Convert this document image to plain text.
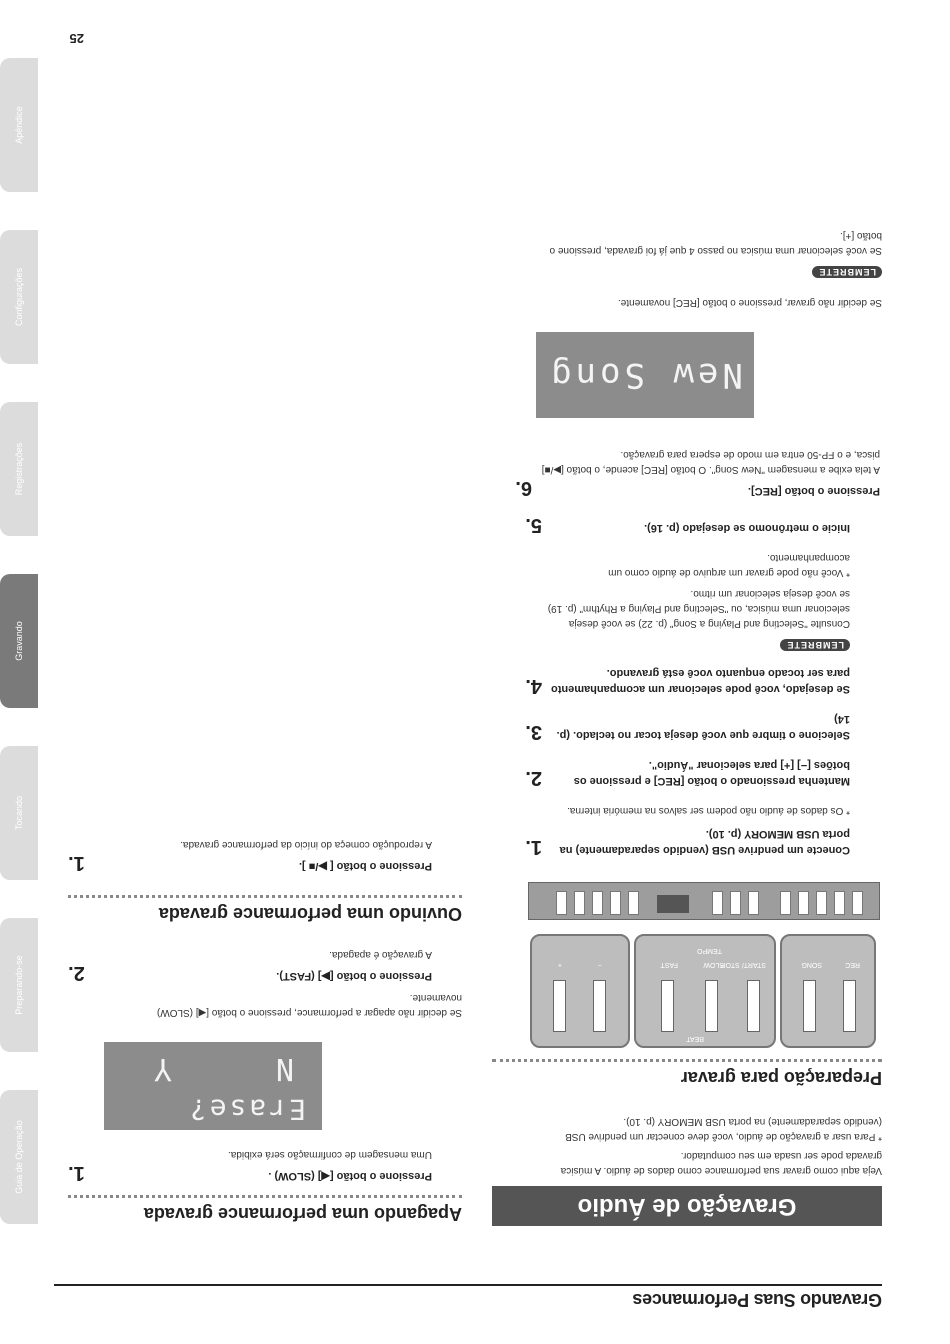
Gravando Suas Performances
25
Guia de Operação
Preparando-se
Tocando
Gravando
Registrações
Configurações
Apêndice
Gravação de Áudio
Veja aqui como gravar sua performance como dados de áudio. A música gravada pode ser usada em seu computador.
* Para usar a gravação de áudio, você deve conectar um pendrive USB (vendido separadamente) na porta USB MEMORY (p. 10).
Preparação para gravar
REC
SONG
START/ STOP
SLOW
FAST
TEMPO
BEAT
−
+
Conecte um pendrive USB (vendido separadamente) na porta USB MEMORY (p. 10).
* Os dados de áudio não podem ser salvos na memória interna.
1.
Mantenha pressionado o botão [REC] e pressione os botões [−] [+] para selecionar "Áudio".
2.
Selecione o timbre que você deseja tocar no teclado. (p. 14)
3.
Se desejado, você pode selecionar um acompanhamento para ser tocado enquanto você está gravando.
4.
LEMBRETE
Consulte "Selecting and Playing a Song" (p. 22) se você deseja selecionar uma música, ou "Selecting and Playing a Rhythm" (p. 19) se você deseja selecionar um ritmo.
* Você não pode gravar um arquivo de áudio como um acompanhamento.
Inicie o metrônomo se desejado (p. 16).
5.
Pressione o botão [REC].
A tela exibe a mensagem "New Song". O botão [REC] acende, o botão [▶/■] pisca, e o FP-50 entra em modo de espera para gravação.
6.
New Song
Se decidir não gravar, pressione o botão [REC] novamente.
LEMBRETE
Se você selecionar uma música no passo 4 que já foi gravada, pressione o botão [+].
Apagando uma performance gravada
Pressione o botão [◀] (SLOW) .
Uma mensagem de confirmação será exibida.
1.
Erase?
N
Y
Se decidir não apagar a performance, pressione o botão [◀] (SLOW) novamente.
Pressione o botão [▶] (FAST).
A gravação é apagada.
2.
Ouvindo uma performance gravada
Pressione o botão [ ▶/■ ].
A reprodução começa do início da performance gravada.
1.
